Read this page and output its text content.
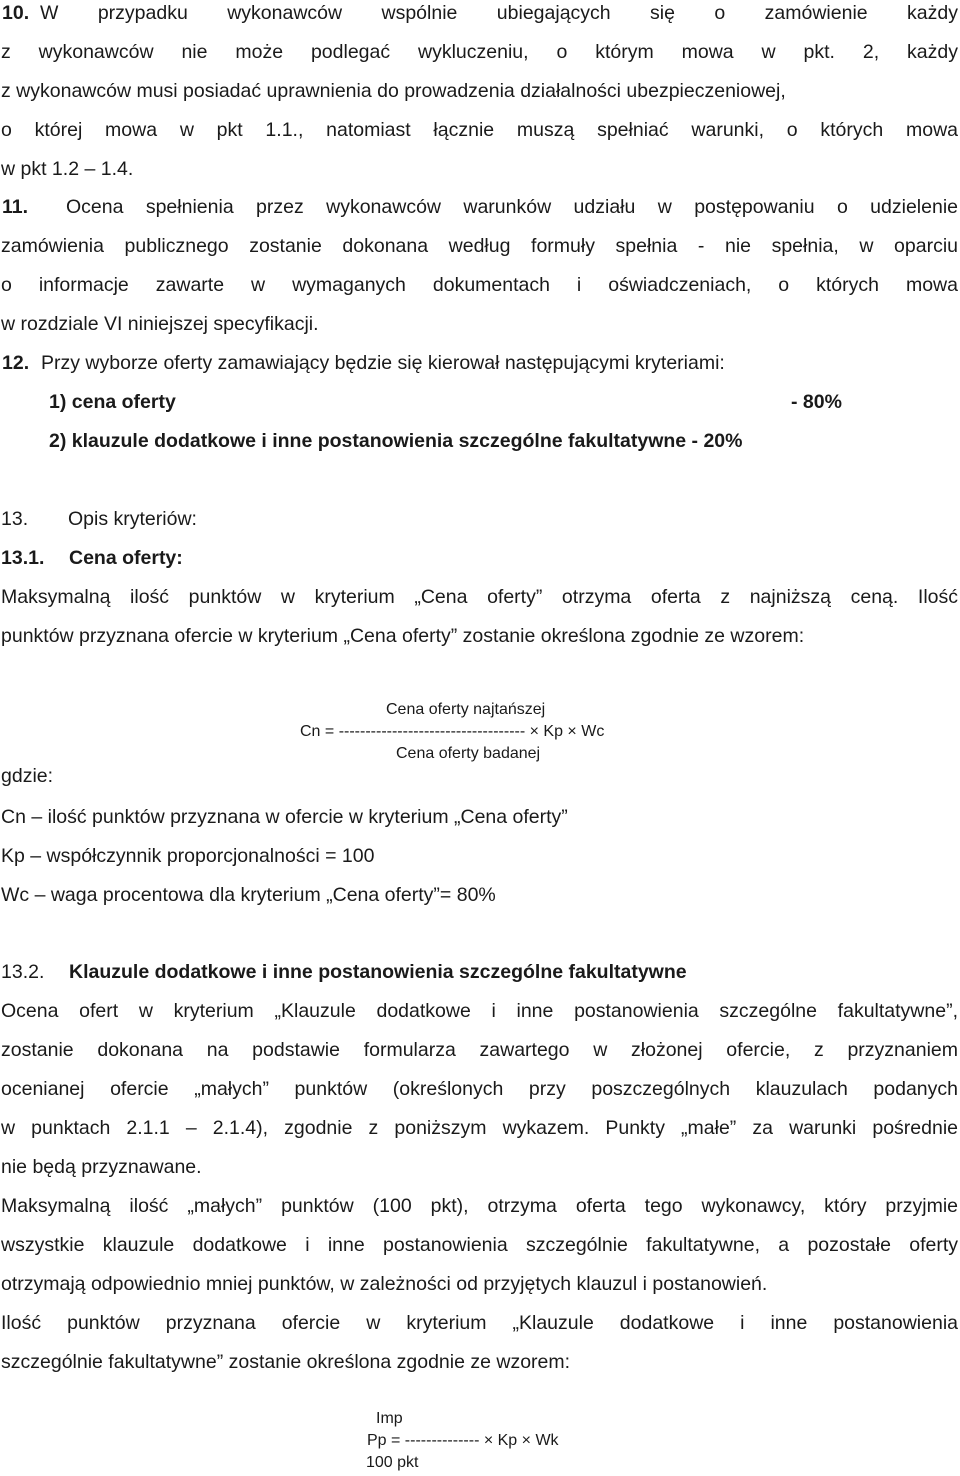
10. W przypadku wykonawców wspólnie ubiegających się o zamówienie każdy
z wykonawców nie może podlegać wykluczeniu, o którym mowa w pkt. 2, każdy
z wykonawców musi posiadać uprawnienia do prowadzenia działalności ubezpieczeniowej,
o której mowa w pkt 1.1., natomiast łącznie muszą spełniać warunki, o których mowa
w pkt 1.2 – 1.4.
11. Ocena spełnienia przez wykonawców warunków udziału w postępowaniu o udzielenie
zamówienia publicznego zostanie dokonana według formuły spełnia - nie spełnia, w oparciu
o informacje zawarte w wymaganych dokumentach i oświadczeniach, o których mowa
w rozdziale VI niniejszej specyfikacji.
12. Przy wyborze oferty zamawiający będzie się kierował następującymi kryteriami:
1) cena oferty	- 80%
2) klauzule dodatkowe i inne postanowienia szczególne fakultatywne - 20%
13. Opis kryteriów:
13.1. Cena oferty:
Maksymalną ilość punktów w kryterium „Cena oferty” otrzyma oferta z najniższą ceną. Ilość
punktów przyznana ofercie w kryterium „Cena oferty” zostanie określona zgodnie ze wzorem:
Cena oferty najtańszej
Cn = ----------------------------------- × Kp × Wc
Cena oferty badanej
gdzie:
Cn – ilość punktów przyznana w ofercie w kryterium „Cena oferty”
Kp – współczynnik proporcjonalności = 100
Wc – waga procentowa dla kryterium „Cena oferty”= 80%
13.2. Klauzule dodatkowe i inne postanowienia szczególne fakultatywne
Ocena ofert w kryterium „Klauzule dodatkowe i inne postanowienia szczególne fakultatywne”,
zostanie dokonana na podstawie formularza zawartego w złożonej ofercie, z przyznaniem
ocenianej ofercie „małych” punktów (określonych przy poszczególnych klauzulach podanych
w punktach 2.1.1 – 2.1.4), zgodnie z poniższym wykazem. Punkty „małe” za warunki pośrednie
nie będą przyznawane.
Maksymalną ilość „małych” punktów (100 pkt), otrzyma oferta tego wykonawcy, który przyjmie
wszystkie klauzule dodatkowe i inne postanowienia szczególnie fakultatywne, a pozostałe oferty
otrzymają odpowiednio mniej punktów, w zależności od przyjętych klauzul i postanowień.
Ilość punktów przyznana ofercie w kryterium „Klauzule dodatkowe i inne postanowienia
szczególnie fakultatywne” zostanie określona zgodnie ze wzorem:
Imp
Pp = -------------- × Kp × Wk
100 pkt
